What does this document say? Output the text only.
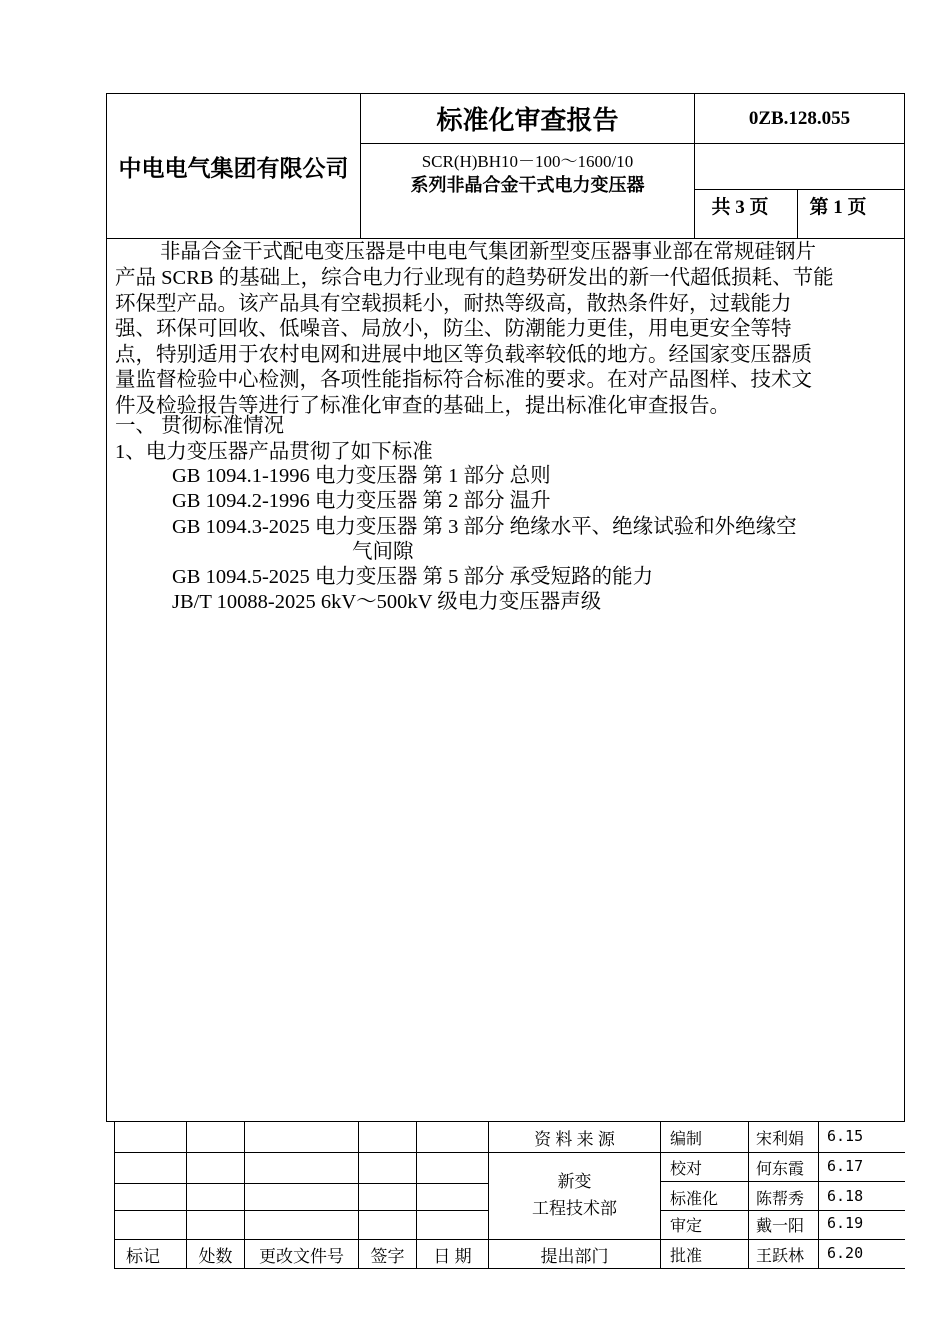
中电电气集团有限公司
标准化审查报告	0ZB.128.055
SCR(H)BH10－100～1600/10
系列非晶合金干式电力变压器
共 3 页	第 1 页
非晶合金干式配电变压器是中电电气集团新型变压器事业部在常规硅钢片
产品 SCRB 的基础上，综合电力行业现有的趋势研发出的新一代超低损耗、节能
环保型产品。该产品具有空载损耗小，耐热等级高，散热条件好，过载能力
强、环保可回收、低噪音、局放小，防尘、防潮能力更佳，用电更安全等特
点，特别适用于农村电网和进展中地区等负载率较低的地方。经国家变压器质
量监督检验中心检测，各项性能指标符合标准的要求。在对产品图样、技术文
件及检验报告等进行了标准化审查的基础上，提出标准化审查报告。
一、 贯彻标准情况
1、电力变压器产品贯彻了如下标准
GB 1094.1-1996 电力变压器 第 1 部分 总则
GB 1094.2-1996 电力变压器 第 2 部分 温升
GB 1094.3-2025 电力变压器 第 3 部分 绝缘水平、绝缘试验和外绝缘空
气间隙
GB 1094.5-2025 电力变压器 第 5 部分 承受短路的能力
JB/T 10088-2025 6kV～500kV 级电力变压器声级
资 料 来 源
新变
工程技术部
标记	处数	更改文件号	签字	日 期	提出部门
编制	宋利娟 6.15
校对	何东霞 6.17
标准化 陈帮秀 6.18
审定	戴一阳 6.19
批准	王跃林 6.20
